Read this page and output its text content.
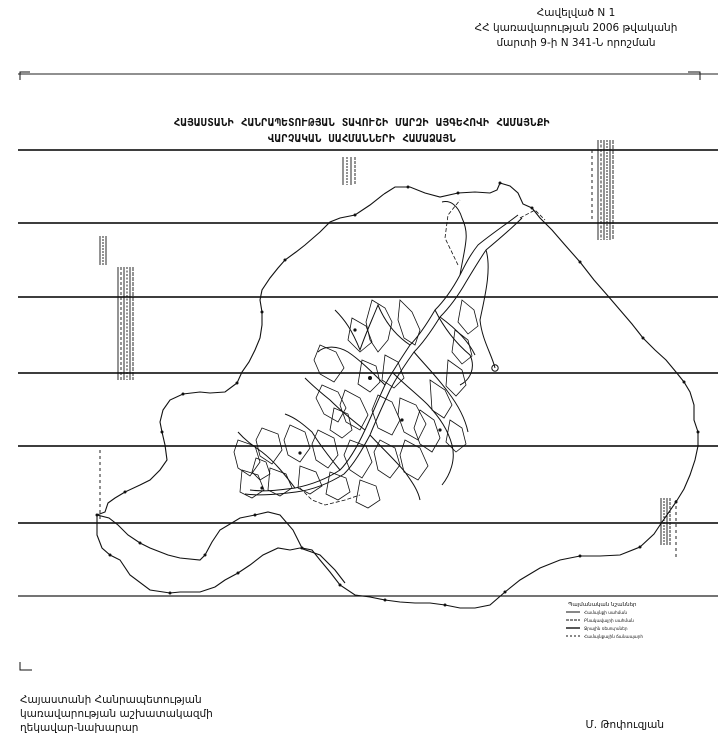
Հավելված N 1
ՀՀ կառավարության 2006 թվականի
մարտի 9-ի N 341-Ն որոշման
ՀԱՅԱՍՏԱՆԻ ՀԱՆՐԱՊԵՏՈՒԹՅԱՆ ՏԱՎՈՒՇԻ ՄԱՐԶԻ ԱՅԳԵՀՈՎԻ ՀԱՄԱՅՆՔԻ
ՎԱՐՉԱԿԱՆ ՍԱՀՄԱՆՆԵՐԻ ՀԱՄԱՁԱՅՆ
Պայմանական նշաններ
Համայնքի սահման
Բնակավայրի սահման
Ջրային ռեսուրսներ
Համայնքային ճանապարհ
Հայաստանի Հանրապետության
կառավարության աշխատակազմի
ղեկավար-նախարար	Մ. Թոփուզյան
